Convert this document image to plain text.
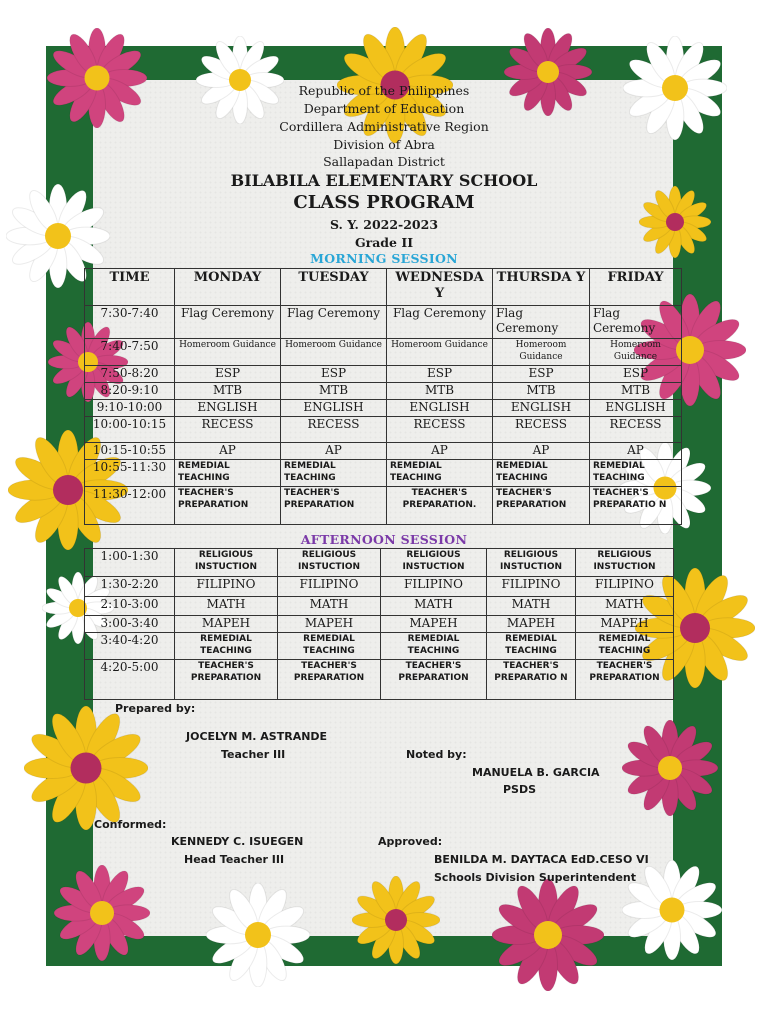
Republic of the Philippines
Department of Education
Cordillera Administrative Region
Division of Abra
Sallapadan District
BILABILA ELEMENTARY SCHOOL
CLASS PROGRAM
S. Y. 2022-2023
Grade II
MORNING SESSION
TIME	MONDAY	TUESDAY	WEDNESDA Y	THURSDA Y	FRIDAY
7:30-7:40	Flag Ceremony	Flag Ceremony	Flag Ceremony	Flag Ceremony	Flag Ceremony
7:40-7:50	Homeroom Guidance	Homeroom Guidance	Homeroom Guidance	Homeroom Guidance	Homeroom Guidance
7:50-8:20	ESP	ESP	ESP	ESP	ESP
8:20-9:10	MTB	MTB	MTB	MTB	MTB
9:10-10:00	ENGLISH	ENGLISH	ENGLISH	ENGLISH	ENGLISH
10:00-10:15	RECESS	RECESS	RECESS	RECESS	RECESS
10:15-10:55	AP	AP	AP	AP	AP
10:55-11:30	REMEDIAL TEACHING	REMEDIAL TEACHING	REMEDIAL TEACHING	REMEDIAL TEACHING	REMEDIAL TEACHING
11:30-12:00	TEACHER'S PREPARATION	TEACHER'S PREPARATION	TEACHER'S PREPARATION.	TEACHER'S PREPARATION	TEACHER'S PREPARATIO N
AFTERNOON SESSION
1:00-1:30	RELIGIOUS INSTUCTION	RELIGIOUS INSTUCTION	RELIGIOUS INSTUCTION	RELIGIOUS INSTUCTION	RELIGIOUS INSTUCTION
1:30-2:20	FILIPINO	FILIPINO	FILIPINO	FILIPINO	FILIPINO
2:10-3:00	MATH	MATH	MATH	MATH	MATH
3:00-3:40	MAPEH	MAPEH	MAPEH	MAPEH	MAPEH
3:40-4:20	REMEDIAL TEACHING	REMEDIAL TEACHING	REMEDIAL TEACHING	REMEDIAL TEACHING	REMEDIAL TEACHING
4:20-5:00	TEACHER'S PREPARATION	TEACHER'S PREPARATION	TEACHER'S PREPARATION	TEACHER'S PREPARATIO N	TEACHER'S PREPARATION
Prepared by:
JOCELYN M. ASTRANDE
Teacher III	Noted by:
MANUELA B. GARCIA
PSDS
Conformed:
KENNEDY C. ISUEGEN	Approved:
Head Teacher III	BENILDA M. DAYTACA EdD.CESO VI
Schools Division Superintendent
